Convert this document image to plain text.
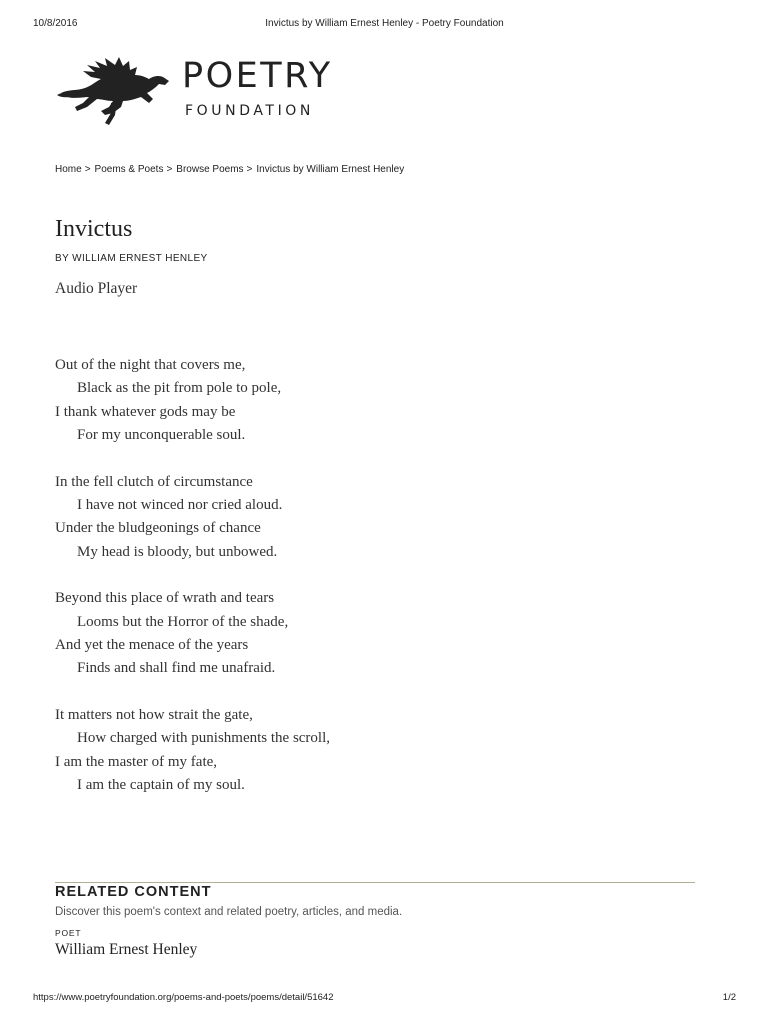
10/8/2016	Invictus by William Ernest Henley - Poetry Foundation
POETRY
FOUNDATION
Home > Poems & Poets > Browse Poems > Invictus by William Ernest Henley
Invictus
BY WILLIAM ERNEST HENLEY
Audio Player
Out of the night that covers me,
Black as the pit from pole to pole,
I thank whatever gods may be
For my unconquerable soul.
In the fell clutch of circumstance
I have not winced nor cried aloud.
Under the bludgeonings of chance
My head is bloody, but unbowed.
Beyond this place of wrath and tears
Looms but the Horror of the shade,
And yet the menace of the years
Finds and shall find me unafraid.
It matters not how strait the gate,
How charged with punishments the scroll,
I am the master of my fate,
I am the captain of my soul.
RELATED CONTENT
Discover this poem's context and related poetry, articles, and media.
POET
William Ernest Henley
https://www.poetryfoundation.org/poems-and-poets/poems/detail/51642	1/2
